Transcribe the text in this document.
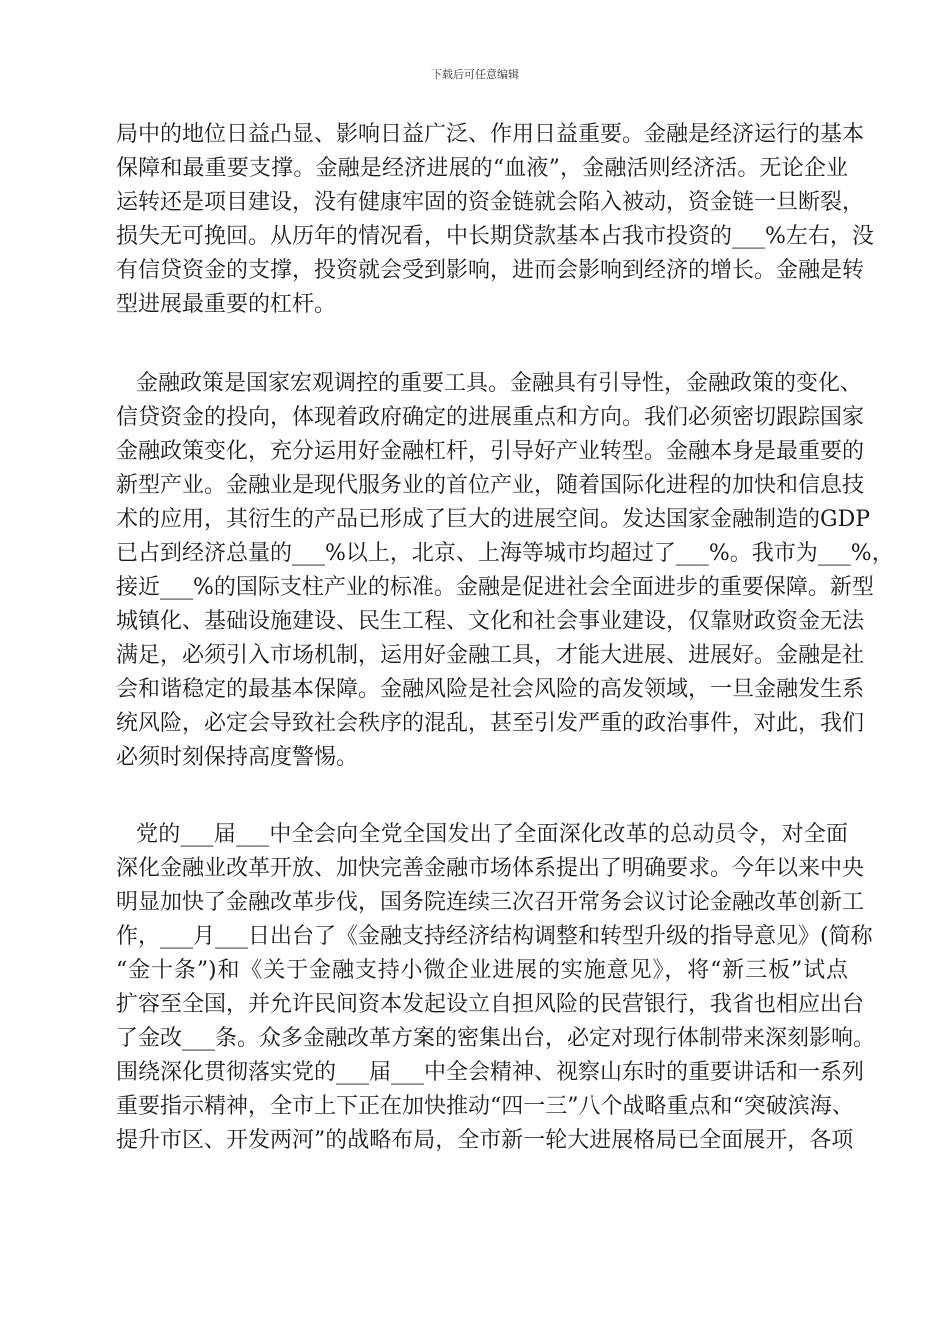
下载后可任意编辑
局中的地位日益凸显、影响日益广泛、作用日益重要。金融是经济运行的基本
保障和最重要支撑。金融是经济进展的“血液”，金融活则经济活。无论企业
运转还是项目建设，没有健康牢固的资金链就会陷入被动，资金链一旦断裂，
损失无可挽回。从历年的情况看，中长期贷款基本占我市投资的___%左右，没
有信贷资金的支撑，投资就会受到影响，进而会影响到经济的增长。金融是转
型进展最重要的杠杆。
金融政策是国家宏观调控的重要工具。金融具有引导性，金融政策的变化、
信贷资金的投向，体现着政府确定的进展重点和方向。我们必须密切跟踪国家
金融政策变化，充分运用好金融杠杆，引导好产业转型。金融本身是最重要的
新型产业。金融业是现代服务业的首位产业，随着国际化进程的加快和信息技
术的应用，其衍生的产品已形成了巨大的进展空间。发达国家金融制造的GDP
已占到经济总量的___%以上，北京、上海等城市均超过了___%。我市为___%，
接近___%的国际支柱产业的标准。金融是促进社会全面进步的重要保障。新型
城镇化、基础设施建设、民生工程、文化和社会事业建设，仅靠财政资金无法
满足，必须引入市场机制，运用好金融工具，才能大进展、进展好。金融是社
会和谐稳定的最基本保障。金融风险是社会风险的高发领域，一旦金融发生系
统风险，必定会导致社会秩序的混乱，甚至引发严重的政治事件，对此，我们
必须时刻保持高度警惕。
党的___届___中全会向全党全国发出了全面深化改革的总动员令，对全面
深化金融业改革开放、加快完善金融市场体系提出了明确要求。今年以来中央
明显加快了金融改革步伐，国务院连续三次召开常务会议讨论金融改革创新工
作，___月___日出台了《金融支持经济结构调整和转型升级的指导意见》(简称
“金十条”)和《关于金融支持小微企业进展的实施意见》，将“新三板”试点
扩容至全国，并允许民间资本发起设立自担风险的民营银行，我省也相应出台
了金改___条。众多金融改革方案的密集出台，必定对现行体制带来深刻影响。
围绕深化贯彻落实党的___届___中全会精神、视察山东时的重要讲话和一系列
重要指示精神，全市上下正在加快推动“四一三”八个战略重点和“突破滨海、
提升市区、开发两河”的战略布局，全市新一轮大进展格局已全面展开，各项
